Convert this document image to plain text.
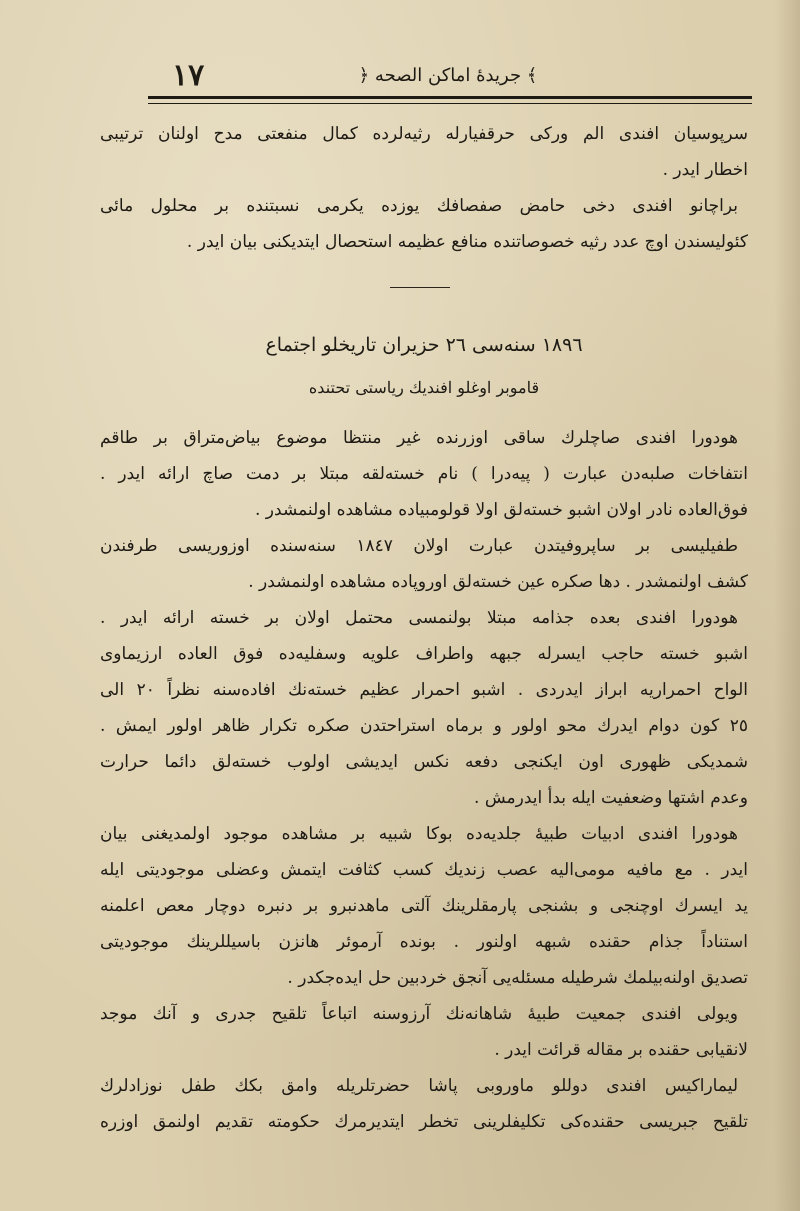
١٧	﴿ جريدهٔ اماكن الصحه ﴾
سرپوسيان افندى الم وركى حرقفيارله رثيه‌لرده كمال منفعتى مدح اولنان ترتيبى
اخطار ايدر .
براچانو افندى دخى حامض صفصافك يوزده يكرمى نسبتنده بر محلول مائى
كئوليسندن اوچ عدد رثيه خصوصاتنده منافع عظيمه استحصال ايتديكنى بيان ايدر .
١٨٩٦ سنه‌سى ٢٦ حزيران تاريخلو اجتماع
قاموبر اوغلو افنديك رياستى تحتنده
هودورا افندى صاچلرك ساقى اوزرنده غير منتظا موضوع بياض‌متراق بر طاقم
انتفاخات صلبه‌دن عبارت ( پيه‌درا ) نام خسته‌لقه مبتلا بر دمت صاچ ارائه ايدر .
فوق‌العاده نادر اولان اشبو خسته‌لق اولا قولومبياده مشاهده اولنمشدر .
طفيليسى بر ساپروفيتدن عبارت اولان ١٨٤٧ سنه‌سنده اوزوريسى طرفندن
كشف اولنمشدر . دها صكره عين خسته‌لق اوروپاده مشاهده اولنمشدر .
هودورا افندى بعده جذامه مبتلا بولنمسى محتمل اولان بر خسته ارائه ايدر .
اشبو خسته حاجب ايسرله جبهه واطراف علويه وسفليه‌ده فوق العاده ارزيماوى
الواح احمراريه ابراز ايدردى . اشبو احمرار عظيم خسته‌نك افاده‌سنه نظراً ٢٠ الى
٢٥ كون دوام ايدرك محو اولور و برماه استراحتدن صكره تكرار ظاهر اولور ايمش .
شمديكى ظهورى اون ايكنجى دفعه نكس ايديشى اولوب خسته‌لق دائما حرارت
وعدم اشتها وضعفيت ايله بدأ ايدرمش .
هودورا افندى ادبيات طبيهٔ جلديه‌ده بوكا شبيه بر مشاهده موجود اولمديغنى بيان
ايدر . مع مافيه مومى‌اليه عصب زنديك كسب كثافت ايتمش وعضلى موجوديتى ايله
يد ايسرك اوچنجى و بشنجى پارمقلرينك آلتى ماهدنبرو بر دنبره دوچار معص اعلمنه
استناداً جذام حقنده شبهه اولنور . بونده آرموئر هانزن باسيللرينك موجوديتى
تصديق اولنه‌بيلمك شرطيله مسئله‌يى آنجق خردبين حل ايده‌جكدر .
ويولى افندى جمعيت طبيهٔ شاهانه‌نك آرزوسنه اتباعاً تلقيح جدرى و آنك موجد
لانقيابى حقنده بر مقاله قرائت ايدر .
ليماراكيس افندى دوللو ماوروبى پاشا حضرتلريله وامق بكك طفل نوزادلرك
تلقيح جبريسى حقنده‌كى تكليفلرينى تخطر ايتديرمرك حكومته تقديم اولنمق اوزره
